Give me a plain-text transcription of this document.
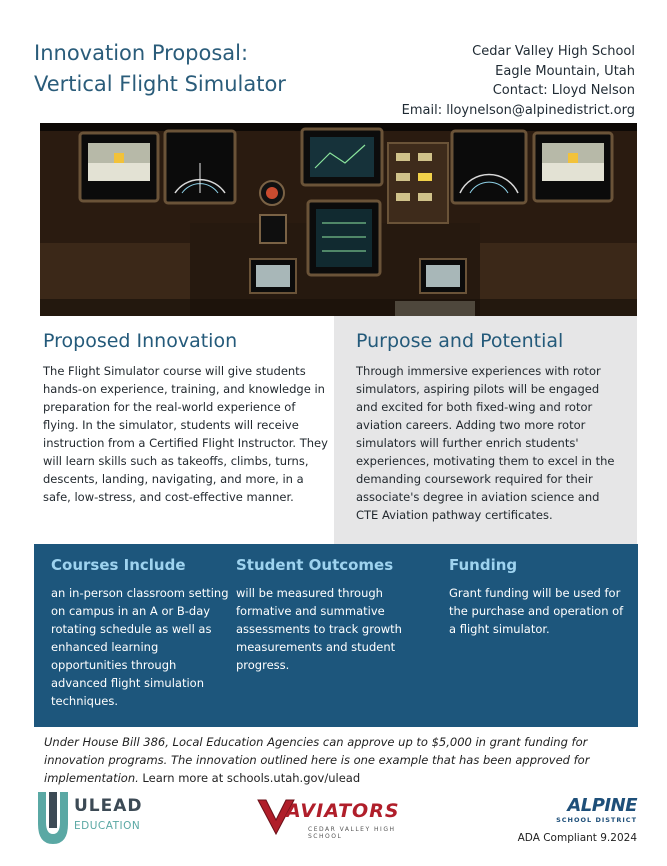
Innovation Proposal:
Vertical Flight Simulator
Cedar Valley High School
Eagle Mountain, Utah
Contact: Lloyd Nelson
Email: lloynelson@alpinedistrict.org
Proposed Innovation
The Flight Simulator course will give students hands-on experience, training, and knowledge in preparation for the real-world experience of flying. In the simulator, students will receive instruction from a Certified Flight Instructor. They will learn skills such as takeoffs, climbs, turns, descents, landing, navigating, and more, in a safe, low-stress, and cost-effective manner.
Purpose and Potential
Through immersive experiences with rotor simulators, aspiring pilots will be engaged and excited for both fixed-wing and rotor aviation careers. Adding two more rotor simulators will further enrich students' experiences, motivating them to excel in the demanding coursework required for their associate's degree in aviation science and CTE Aviation pathway certificates.
Courses Include
an in-person classroom setting on campus in an A or B-day rotating schedule as well as enhanced learning opportunities through advanced flight simulation techniques.
Student Outcomes
will be measured through formative and summative assessments to track growth measurements and student progress.
Funding
Grant funding will be used for the purchase and operation of a flight simulator.
Under House Bill 386, Local Education Agencies can approve up to $5,000 in grant funding for innovation programs. The innovation outlined here is one example that has been approved for implementation. Learn more at schools.utah.gov/ulead
ULEAD
EDUCATION
AVIATORS
CEDAR VALLEY HIGH SCHOOL
ALPINE
SCHOOL DISTRICT
ADA Compliant 9.2024
